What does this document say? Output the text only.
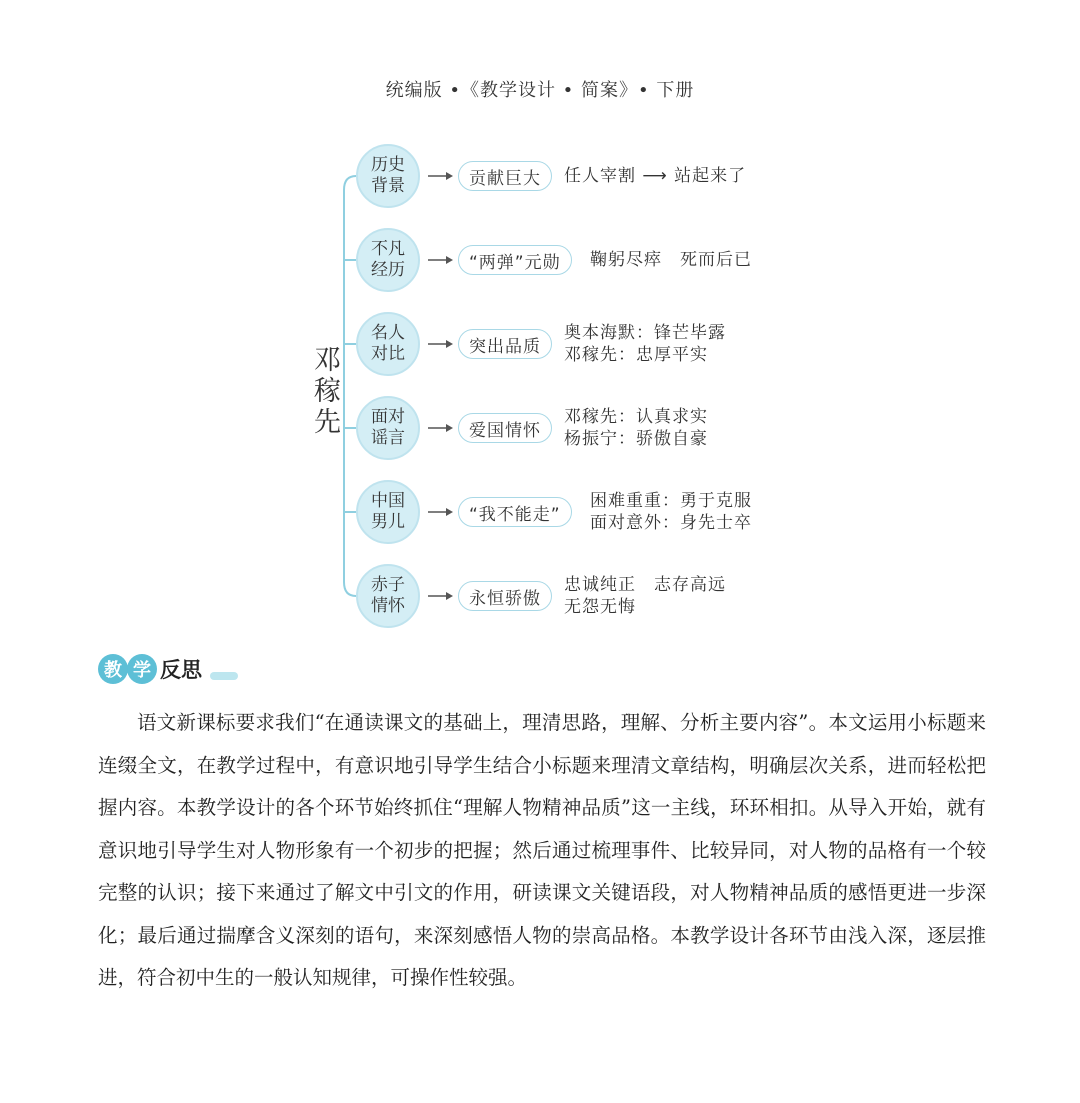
统编版 •《教学设计 • 简案》• 下册
邓稼先
历史
背景	贡献巨大	任人宰割 ⟶ 站起来了
不凡
经历	“两弹”元勋	鞠躬尽瘁　死而后已
名人
对比	突出品质
奥本海默：锋芒毕露
邓稼先：忠厚平实
面对
谣言	爱国情怀
邓稼先：认真求实
杨振宁：骄傲自豪
中国
男儿	“我不能走”
困难重重：勇于克服
面对意外：身先士卒
赤子
情怀	永恒骄傲
忠诚纯正　志存高远
无怨无悔
教 学 反思
语文新课标要求我们“在通读课文的基础上，理清思路，理解、分析主要内容”。本文运用小标题来连缀全文，在教学过程中，有意识地引导学生结合小标题来理清文章结构，明确层次关系，进而轻松把握内容。本教学设计的各个环节始终抓住“理解人物精神品质”这一主线，环环相扣。从导入开始，就有意识地引导学生对人物形象有一个初步的把握；然后通过梳理事件、比较异同，对人物的品格有一个较完整的认识；接下来通过了解文中引文的作用，研读课文关键语段，对人物精神品质的感悟更进一步深化；最后通过揣摩含义深刻的语句，来深刻感悟人物的崇高品格。本教学设计各环节由浅入深，逐层推进，符合初中生的一般认知规律，可操作性较强。
